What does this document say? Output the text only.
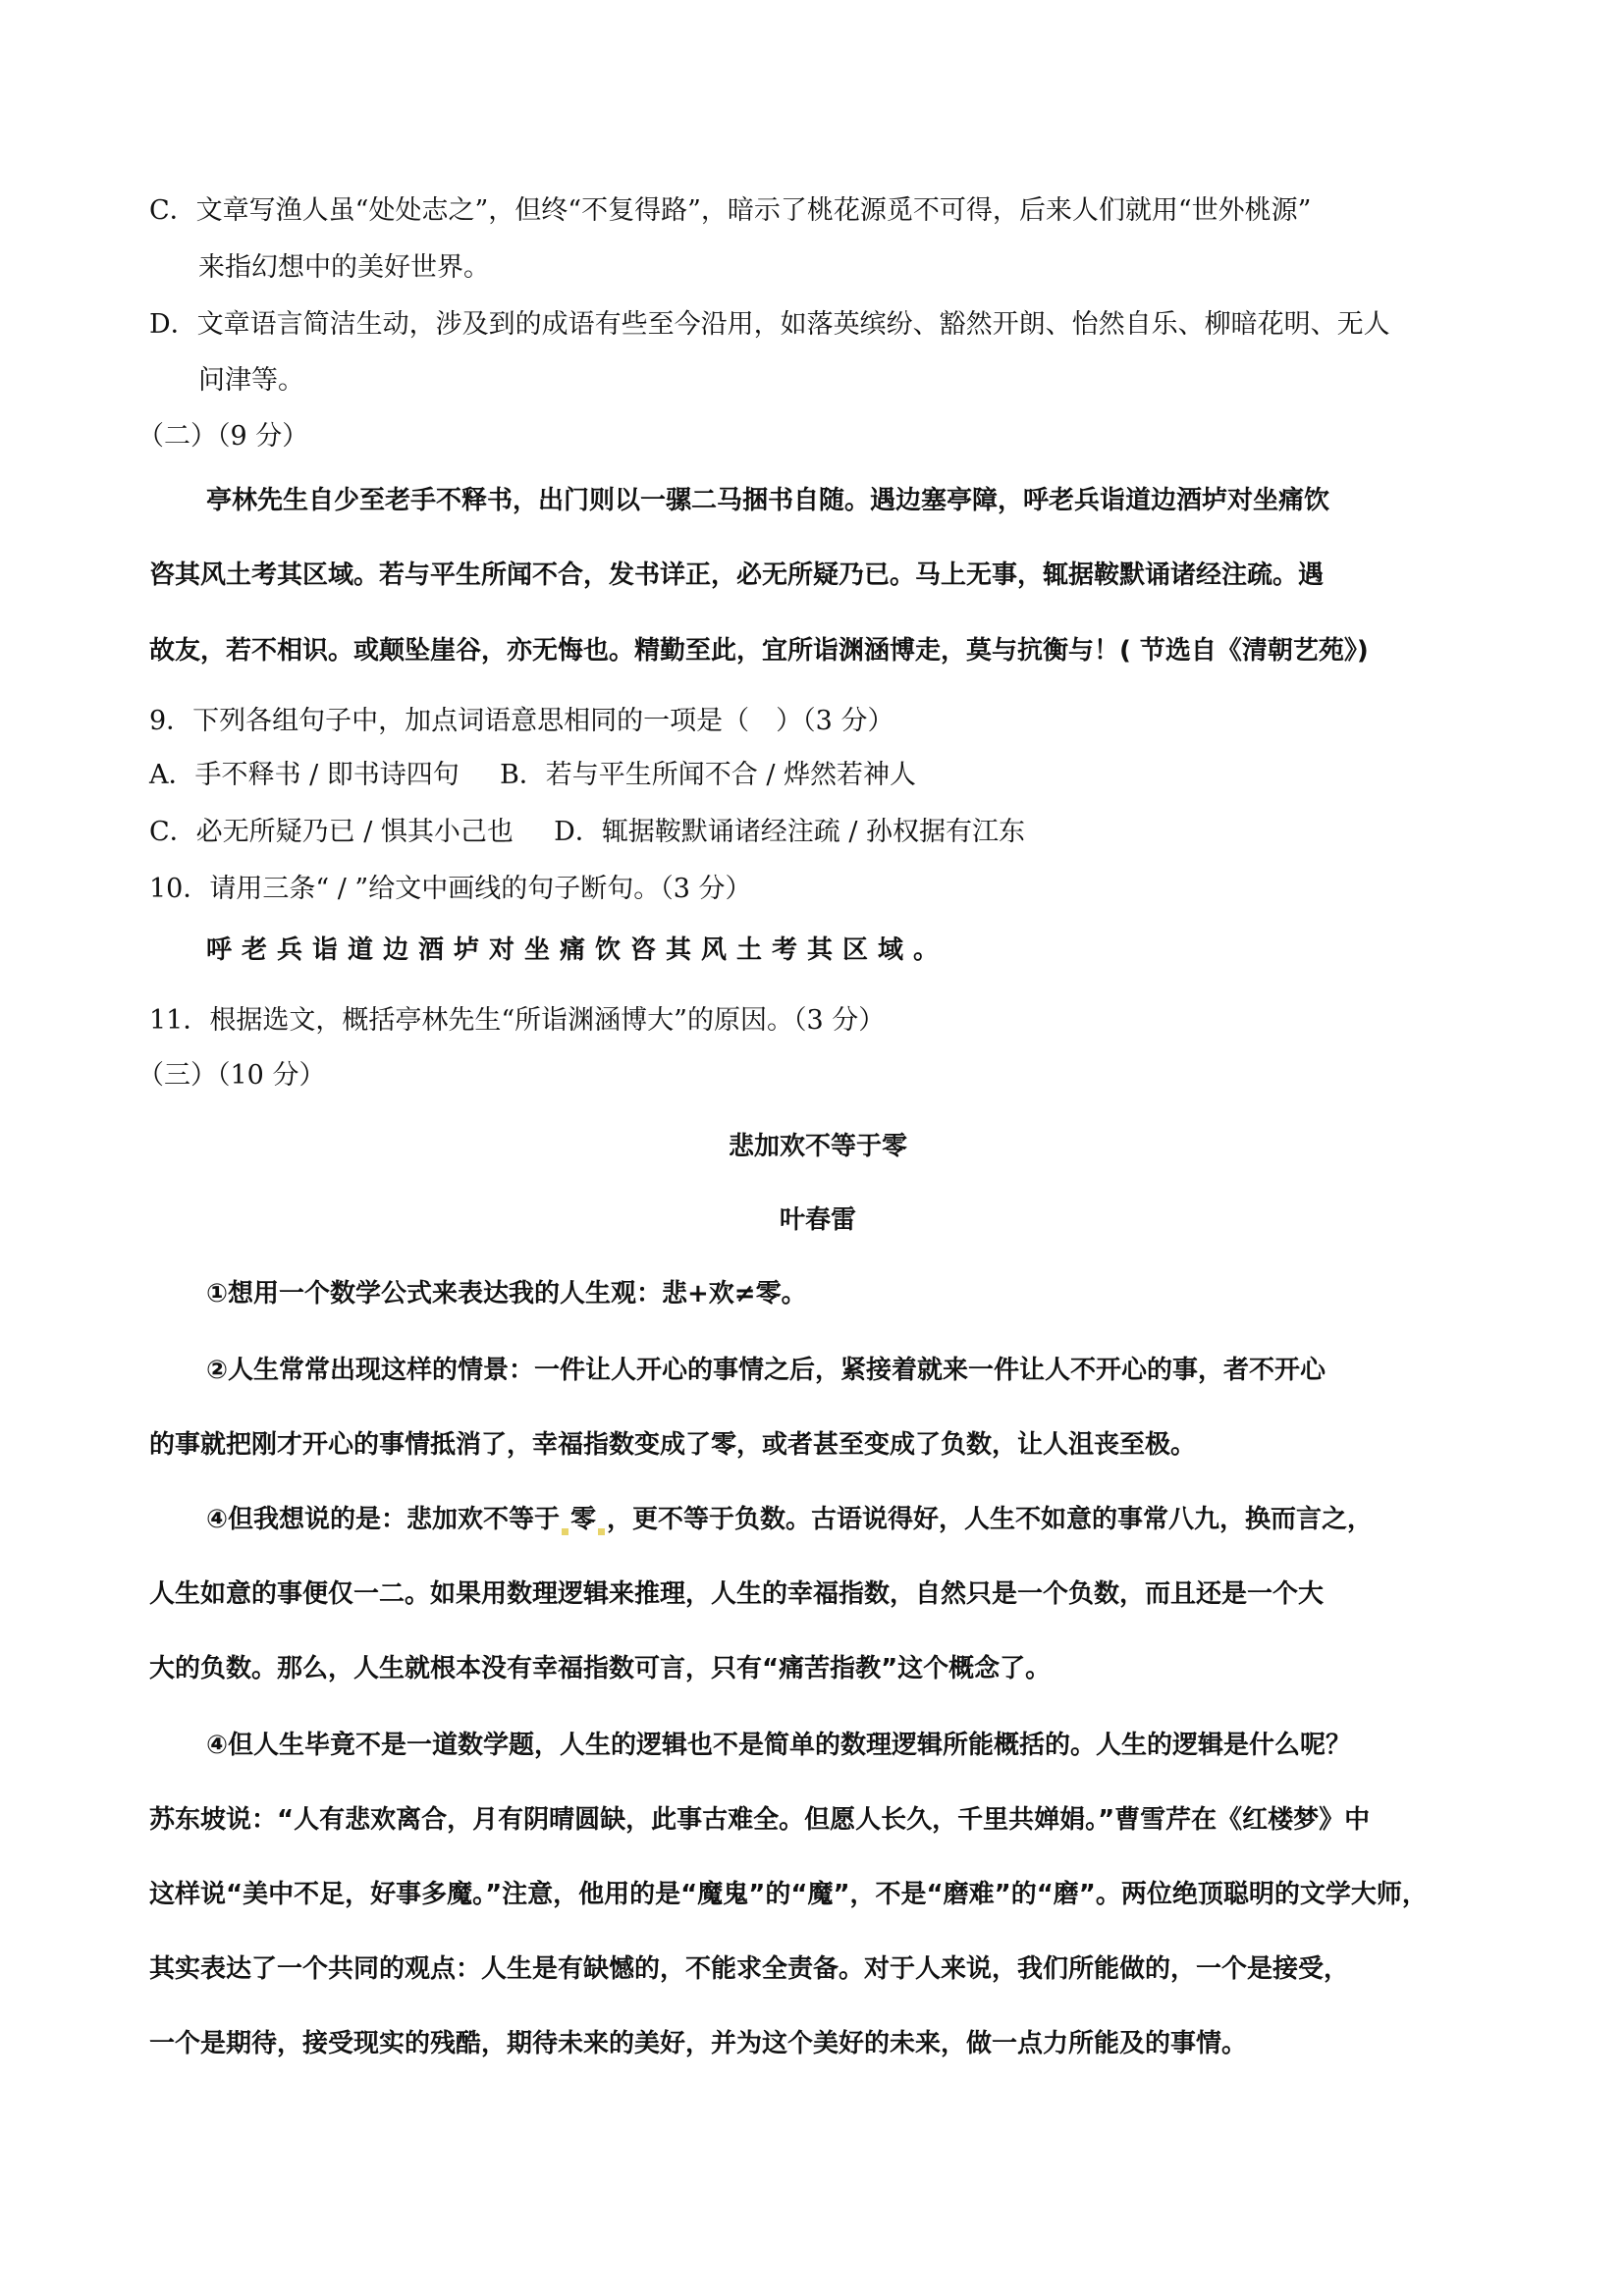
C．文章写渔人虽“处处志之”，但终“不复得路”，暗示了桃花源觅不可得，后来人们就用“世外桃源”
来指幻想中的美好世界。
D．文章语言简洁生动，涉及到的成语有些至今沿用，如落英缤纷、豁然开朗、怡然自乐、柳暗花明、无人
问津等。
（二）（9 分）
亭林先生自少至老手不释书，出门则以一骡二马捆书自随。遇边塞亭障，呼老兵诣道边酒垆对坐痛饮
咨其风土考其区域。若与平生所闻不合，发书详正，必无所疑乃已。马上无事，辄据鞍默诵诸经注疏。遇
故友，若不相识。或颠坠崖谷，亦无悔也。精勤至此，宜所诣渊涵博走，莫与抗衡与！( 节选自《清朝艺苑》)
9．下列各组句子中，加点词语意思相同的一项是（　）（3 分）
A．手不释书 / 即书诗四句 B．若与平生所闻不合 / 烨然若神人
C．必无所疑乃已 / 惧其小己也 D．辄据鞍默诵诸经注疏 / 孙权据有江东
10．请用三条“ / ”给文中画线的句子断句。（3 分）
呼老兵诣道边酒垆对坐痛饮咨其风土考其区域。
11．根据选文，概括亭林先生“所诣渊涵博大”的原因。（3 分）
（三）（10 分）
悲加欢不等于零
叶春雷
①想用一个数学公式来表达我的人生观：悲+欢≠零。
②人生常常出现这样的情景：一件让人开心的事情之后，紧接着就来一件让人不开心的事，者不开心
的事就把刚才开心的事情抵消了，幸福指数变成了零，或者甚至变成了负数，让人沮丧至极。
④但我想说的是：悲加欢不等于 零 ，更不等于负数。古语说得好，人生不如意的事常八九，换而言之，
人生如意的事便仅一二。如果用数理逻辑来推理，人生的幸福指数，自然只是一个负数，而且还是一个大
大的负数。那么，人生就根本没有幸福指数可言，只有“痛苦指教”这个概念了。
④但人生毕竟不是一道数学题，人生的逻辑也不是简单的数理逻辑所能概括的。人生的逻辑是什么呢？
苏东坡说：“人有悲欢离合，月有阴晴圆缺，此事古难全。但愿人长久，千里共婵娟。”曹雪芹在《红楼梦》中
这样说“美中不足，好事多魔。”注意，他用的是“魔鬼”的“魔”，不是“磨难”的“磨”。两位绝顶聪明的文学大师，
其实表达了一个共同的观点：人生是有缺憾的，不能求全责备。对于人来说，我们所能做的，一个是接受，
一个是期待，接受现实的残酷，期待未来的美好，并为这个美好的未来，做一点力所能及的事情。
